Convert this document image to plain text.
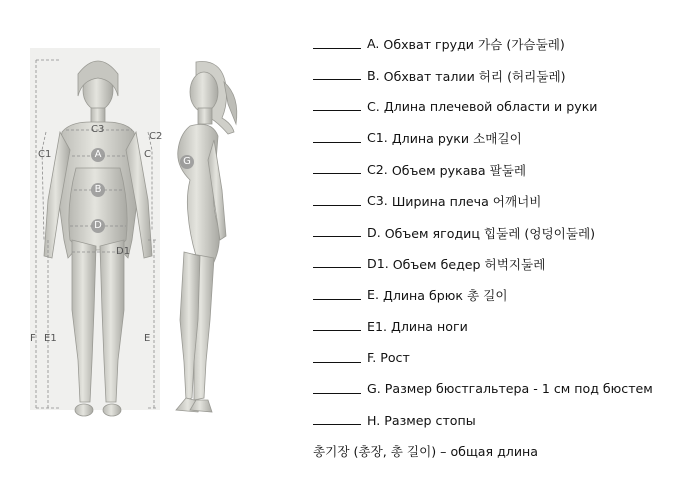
A
B
D
G
C3
C2
C1	C
D1
F E1	E
A.
Обхват груди 가슴 (가슴둘레)
B.
Обхват талии 허리 (허리둘레)
C.
Длина плечевой области и руки
C1.
Длина руки 소매길이
C2.
Объем рукава 팔둘레
C3.
Ширина плеча 어깨너비
D.
Объем ягодиц 힙둘레 (엉덩이둘레)
D1.
Объем бедер 허벅지둘레
E.
Длина брюк 총 길이
E1.
Длина ноги
F.
Рост
G.
Размер бюстгальтера - 1 см под бюстем
H.
Размер стопы
총기장 (총장, 총 길이) – общая длина
